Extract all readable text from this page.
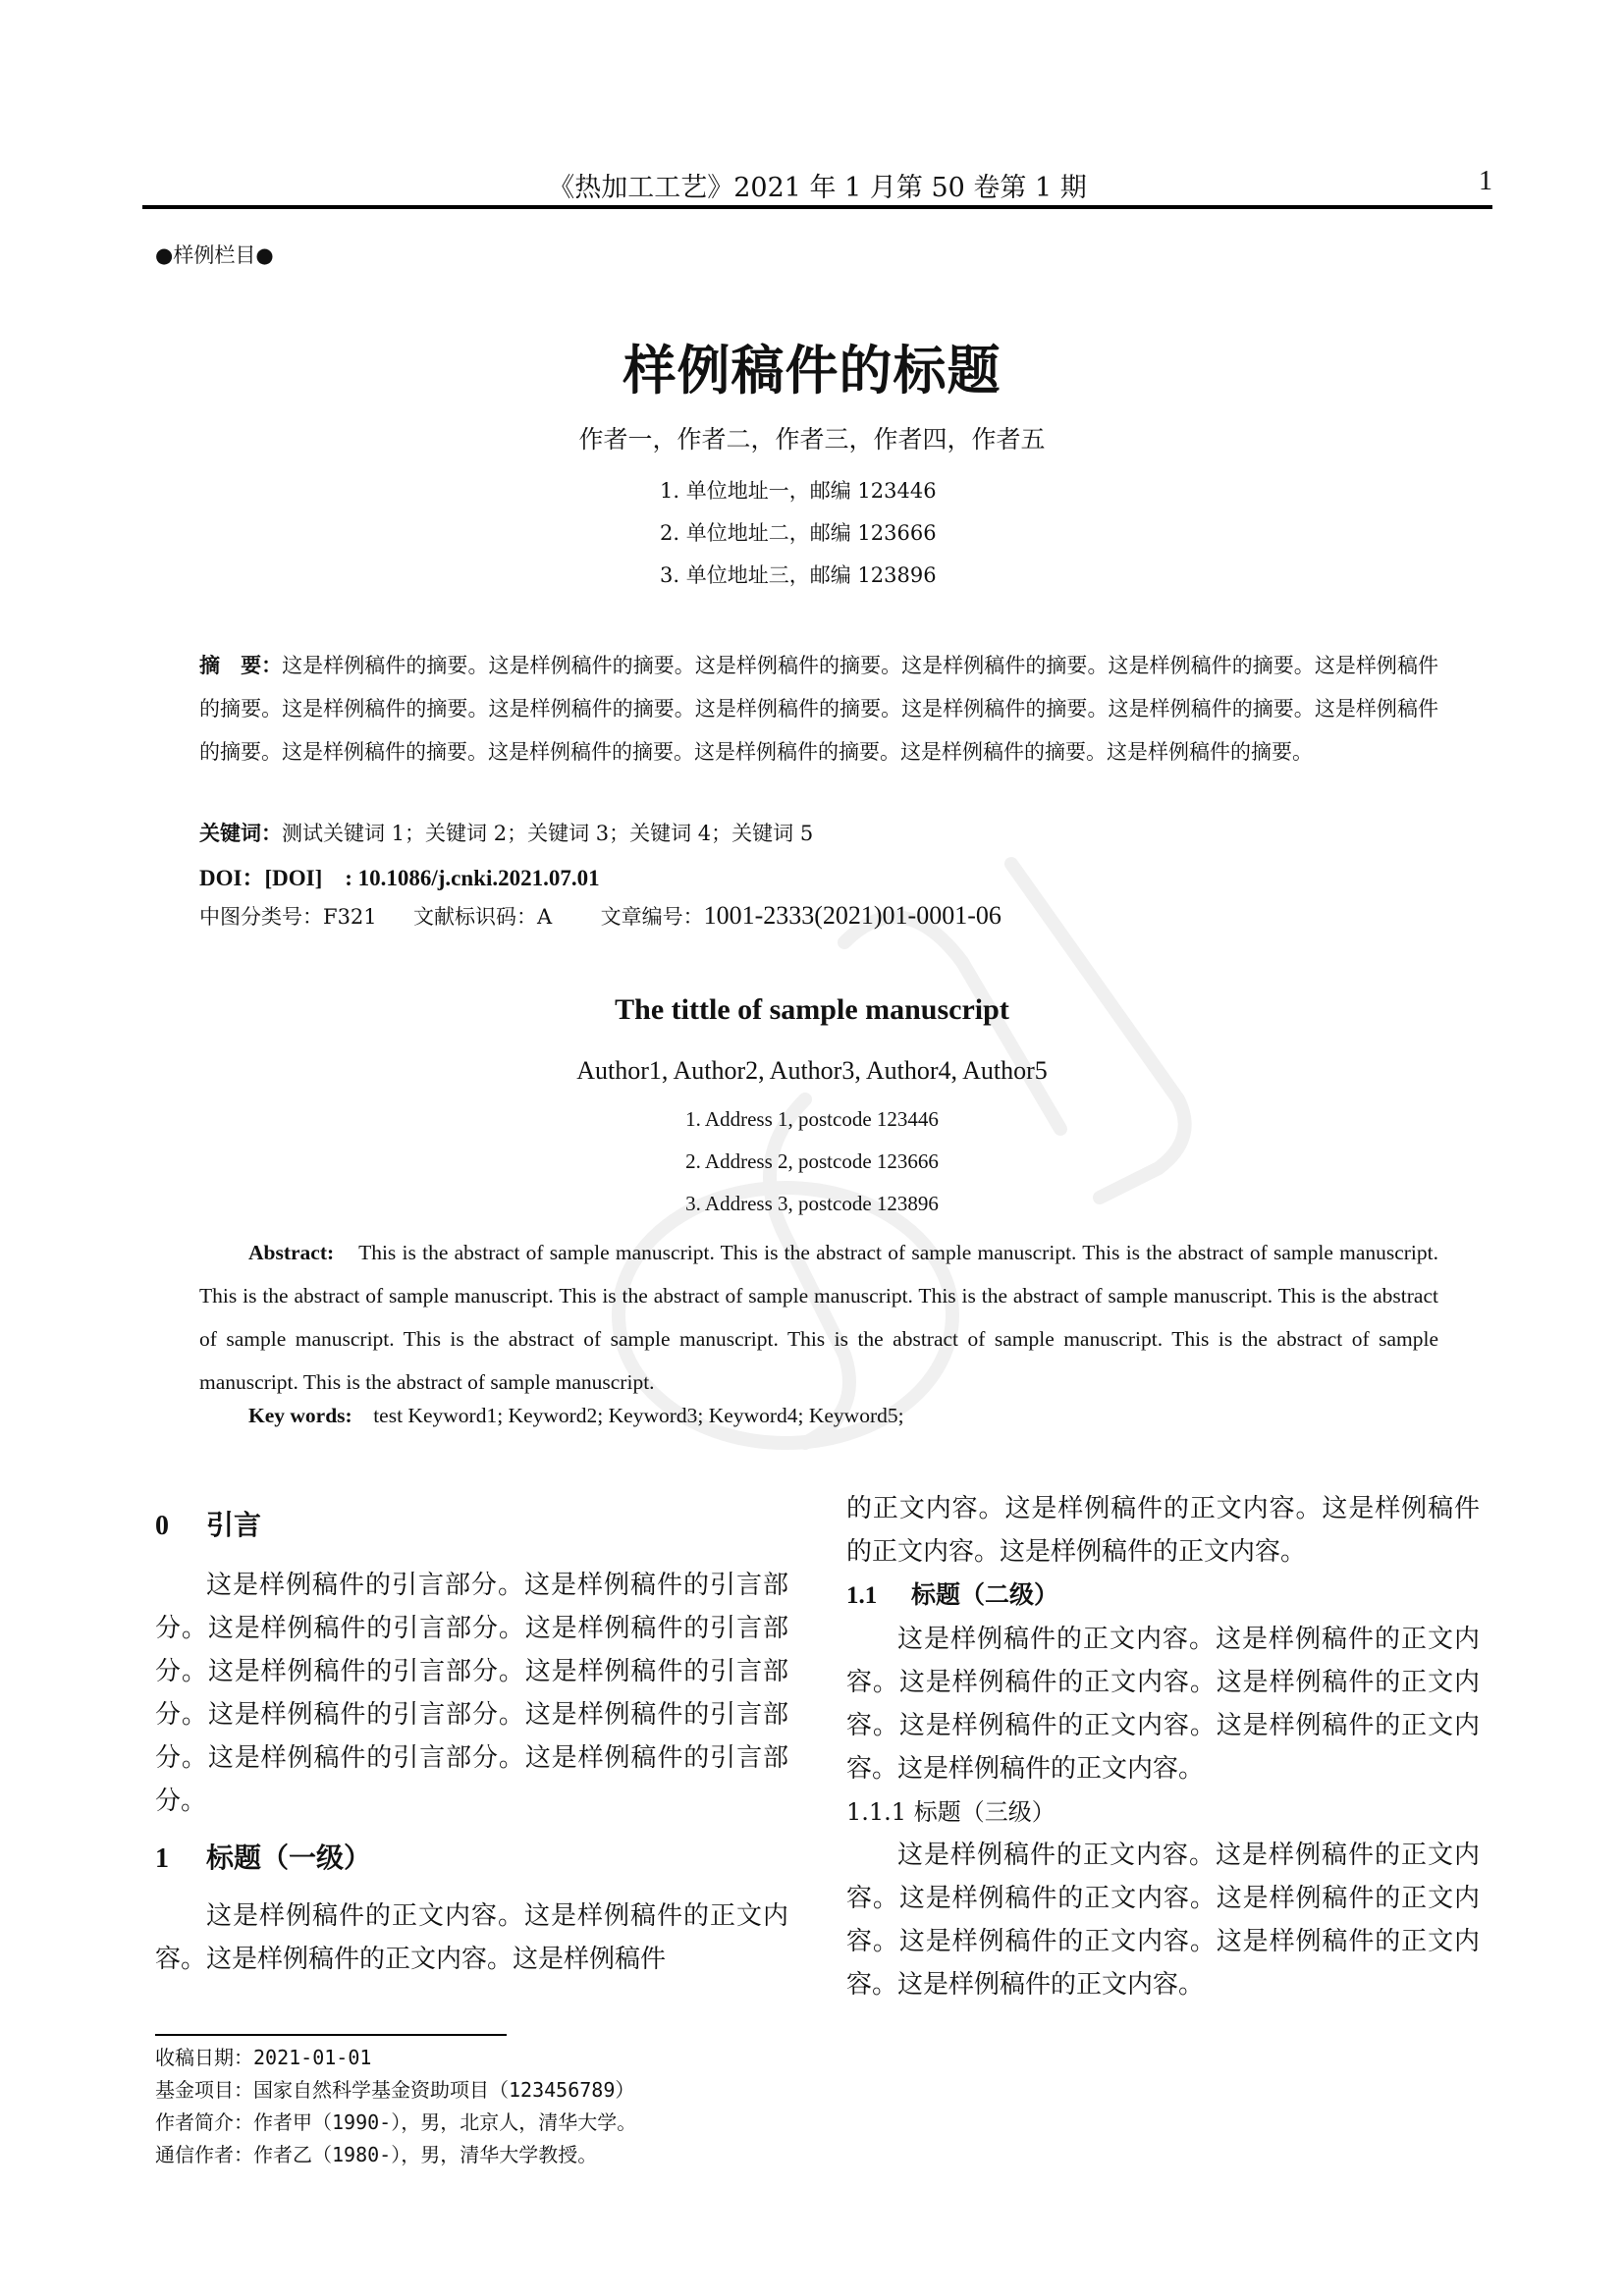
《热加工工艺》2021 年 1 月第 50 卷第 1 期	1
●样例栏目●
样例稿件的标题
作者一，作者二，作者三，作者四，作者五
1. 单位地址一，邮编 123446
2. 单位地址二，邮编 123666
3. 单位地址三，邮编 123896
摘　要：这是样例稿件的摘要。这是样例稿件的摘要。这是样例稿件的摘要。这是样例稿件的摘要。这是样例稿件的摘要。这是样例稿件的摘要。这是样例稿件的摘要。这是样例稿件的摘要。这是样例稿件的摘要。这是样例稿件的摘要。这是样例稿件的摘要。这是样例稿件的摘要。这是样例稿件的摘要。这是样例稿件的摘要。这是样例稿件的摘要。这是样例稿件的摘要。这是样例稿件的摘要。
关键词：测试关键词 1；关键词 2；关键词 3；关键词 4；关键词 5
DOI：[DOI]　: 10.1086/j.cnki.2021.07.01
中图分类号：F321 文献标识码：A 文章编号：1001-2333(2021)01-0001-06
The tittle of sample manuscript
Author1, Author2, Author3, Author4, Author5
1. Address 1, postcode 123446
2. Address 2, postcode 123666
3. Address 3, postcode 123896
Abstract: This is the abstract of sample manuscript. This is the abstract of sample manuscript. This is the abstract of sample manuscript. This is the abstract of sample manuscript. This is the abstract of sample manuscript. This is the abstract of sample manuscript. This is the abstract of sample manuscript. This is the abstract of sample manuscript. This is the abstract of sample manuscript. This is the abstract of sample manuscript. This is the abstract of sample manuscript.
Key words: test Keyword1; Keyword2; Keyword3; Keyword4; Keyword5;
0 引言

这是样例稿件的引言部分。这是样例稿件的引言部分。这是样例稿件的引言部分。这是样例稿件的引言部分。这是样例稿件的引言部分。这是样例稿件的引言部分。这是样例稿件的引言部分。这是样例稿件的引言部分。这是样例稿件的引言部分。这是样例稿件的引言部分。

1 标题（一级）

这是样例稿件的正文内容。这是样例稿件的正文内容。这是样例稿件的正文内容。这是样例稿件

的正文内容。这是样例稿件的正文内容。这是样例稿件的正文内容。这是样例稿件的正文内容。

1.1 标题（二级）

这是样例稿件的正文内容。这是样例稿件的正文内容。这是样例稿件的正文内容。这是样例稿件的正文内容。这是样例稿件的正文内容。这是样例稿件的正文内容。这是样例稿件的正文内容。

1.1.1 标题（三级）

这是样例稿件的正文内容。这是样例稿件的正文内容。这是样例稿件的正文内容。这是样例稿件的正文内容。这是样例稿件的正文内容。这是样例稿件的正文内容。这是样例稿件的正文内容。

收稿日期：2021-01-01
基金项目：国家自然科学基金资助项目（123456789）
作者简介：作者甲（1990-），男，北京人，清华大学。
通信作者：作者乙（1980-），男，清华大学教授。
